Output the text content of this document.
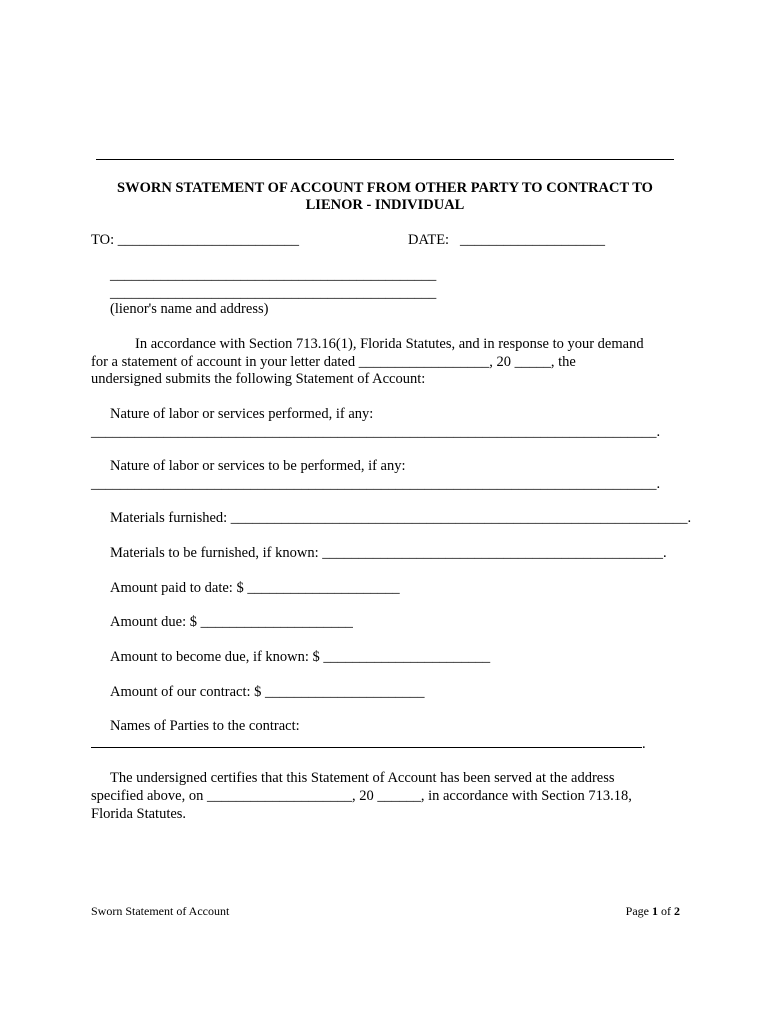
SWORN STATEMENT OF ACCOUNT FROM OTHER PARTY TO CONTRACT TO
LIENOR - INDIVIDUAL
TO: _________________________	DATE:   ____________________
_____________________________________________
_____________________________________________
(lienor's name and address)
In accordance with Section 713.16(1), Florida Statutes, and in response to your demand
for a statement of account in your letter dated __________________, 20 _____, the
undersigned submits the following Statement of Account:
Nature of labor or services performed, if any:
______________________________________________________________________________.
Nature of labor or services to be performed, if any:
______________________________________________________________________________.
Materials furnished: _______________________________________________________________.
Materials to be furnished, if known: _______________________________________________.
Amount paid to date: $ _____________________
Amount due: $ _____________________
Amount to become due, if known: $ _______________________
Amount of our contract: $ ______________________
Names of Parties to the contract:
.
The undersigned certifies that this Statement of Account has been served at the address
specified above, on ____________________, 20 ______, in accordance with Section 713.18,
Florida Statutes.
Sworn Statement of Account	Page 1 of 2
